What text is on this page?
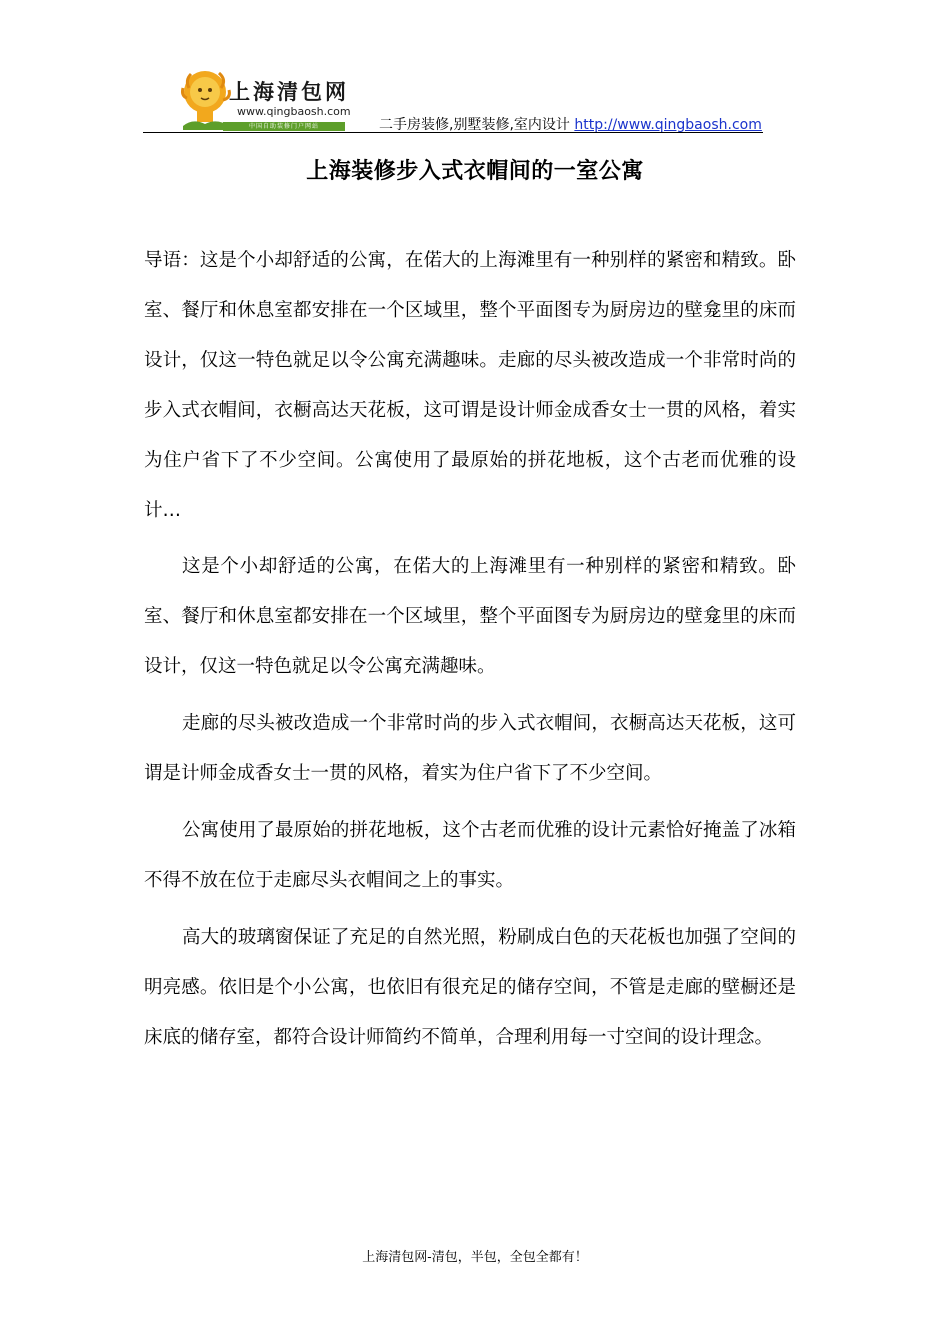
上海清包网
www.qingbaosh.com
中国自助装修门户网站	二手房装修,别墅装修,室内设计 http://www.qingbaosh.com
上海装修步入式衣帽间的一室公寓

导语：这是个小却舒适的公寓，在偌大的上海滩里有一种别样的紧密和精致。卧室、餐厅和休息室都安排在一个区域里，整个平面图专为厨房边的壁龛里的床而设计，仅这一特色就足以令公寓充满趣味。走廊的尽头被改造成一个非常时尚的步入式衣帽间，衣橱高达天花板，这可谓是设计师金成香女士一贯的风格，着实为住户省下了不少空间。公寓使用了最原始的拼花地板，这个古老而优雅的设计…

这是个小却舒适的公寓，在偌大的上海滩里有一种别样的紧密和精致。卧室、餐厅和休息室都安排在一个区域里，整个平面图专为厨房边的壁龛里的床而设计，仅这一特色就足以令公寓充满趣味。

走廊的尽头被改造成一个非常时尚的步入式衣帽间，衣橱高达天花板，这可谓是计师金成香女士一贯的风格，着实为住户省下了不少空间。

公寓使用了最原始的拼花地板，这个古老而优雅的设计元素恰好掩盖了冰箱不得不放在位于走廊尽头衣帽间之上的事实。

高大的玻璃窗保证了充足的自然光照，粉刷成白色的天花板也加强了空间的明亮感。依旧是个小公寓，也依旧有很充足的储存空间，不管是走廊的壁橱还是床底的储存室，都符合设计师简约不简单，合理利用每一寸空间的设计理念。

上海清包网-清包，半包，全包全都有！
